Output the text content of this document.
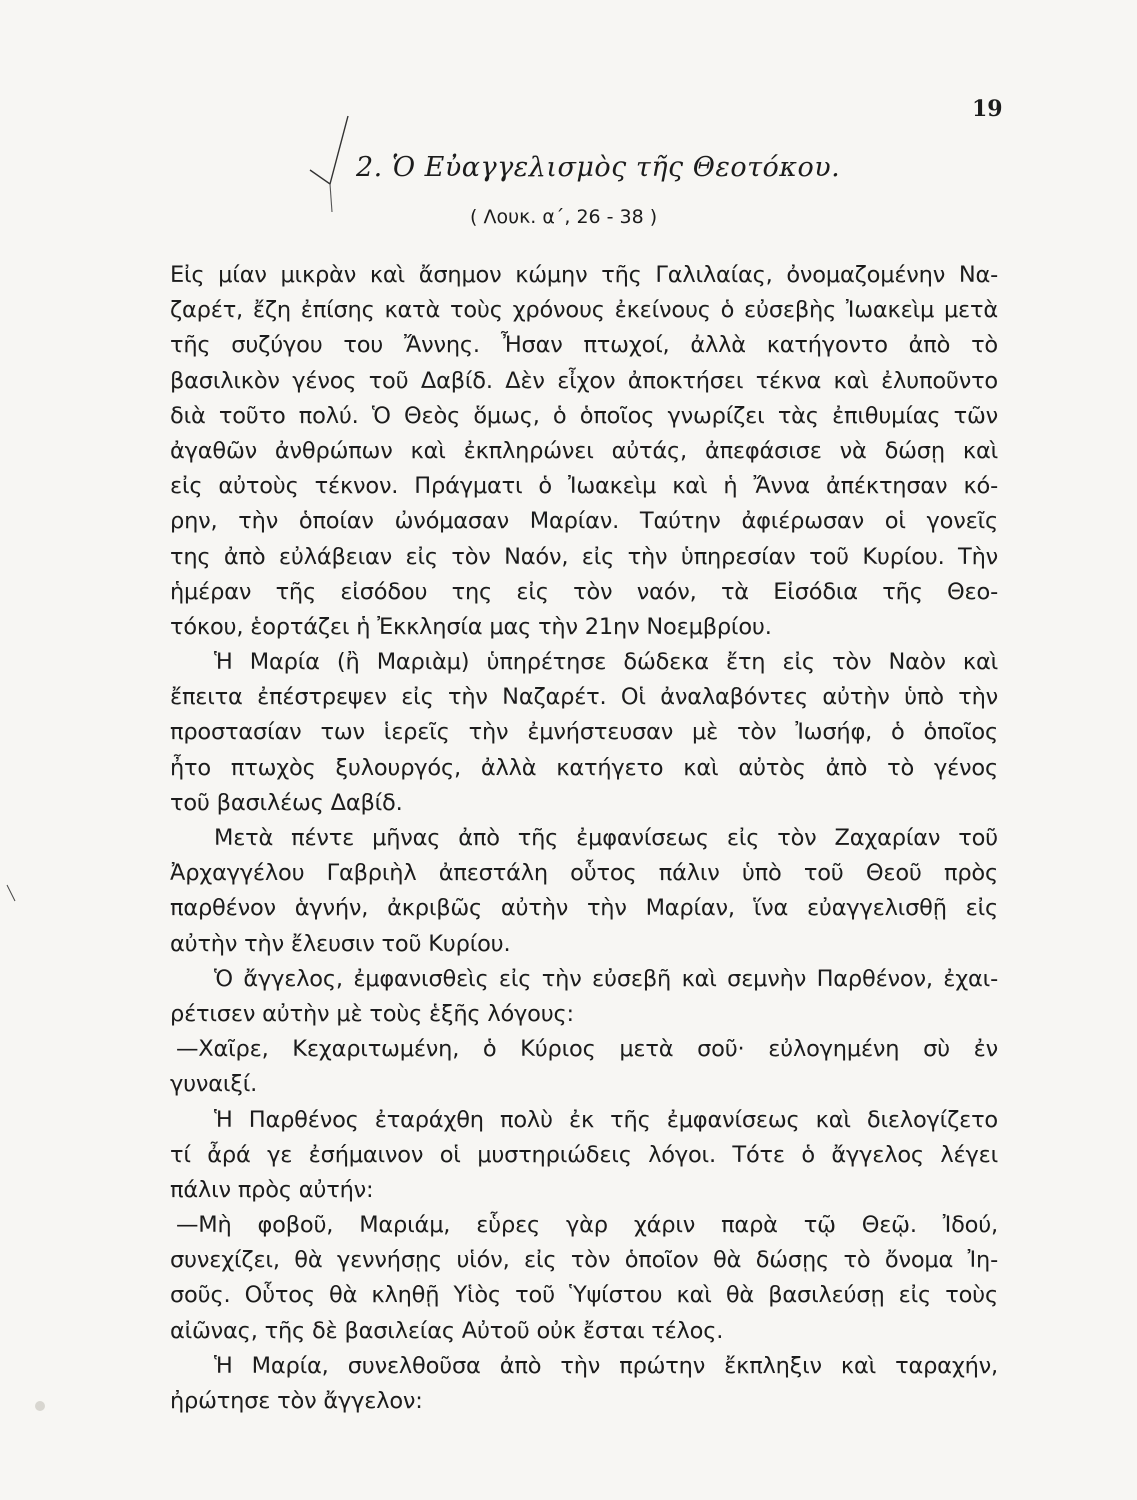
19
2. Ὁ Εὐαγγελισμὸς τῆς Θεοτόκου.
( Λουκ. α΄, 26 - 38 )
Εἰς μίαν μικρὰν καὶ ἄσημον κώμην τῆς Γαλιλαίας, ὀνομαζομένην Να-
ζαρέτ, ἔζη ἐπίσης κατὰ τοὺς χρόνους ἐκείνους ὁ εὐσεβὴς Ἰωακεὶμ μετὰ
τῆς συζύγου του Ἄννης. Ἦσαν πτωχοί, ἀλλὰ κατήγοντο ἀπὸ τὸ
βασιλικὸν γένος τοῦ Δαβίδ. Δὲν εἶχον ἀποκτήσει τέκνα καὶ ἐλυποῦντο
διὰ τοῦτο πολύ. Ὁ Θεὸς ὅμως, ὁ ὁποῖος γνωρίζει τὰς ἐπιθυμίας τῶν
ἀγαθῶν ἀνθρώπων καὶ ἐκπληρώνει αὐτάς, ἀπεφάσισε νὰ δώσῃ καὶ
εἰς αὐτοὺς τέκνον. Πράγματι ὁ Ἰωακεὶμ καὶ ἡ Ἄννα ἀπέκτησαν κό-
ρην, τὴν ὁποίαν ὠνόμασαν Μαρίαν. Ταύτην ἀφιέρωσαν οἱ γονεῖς
της ἀπὸ εὐλάβειαν εἰς τὸν Ναόν, εἰς τὴν ὑπηρεσίαν τοῦ Κυρίου. Τὴν
ἡμέραν τῆς εἰσόδου της εἰς τὸν ναόν, τὰ Εἰσόδια τῆς Θεο-
τόκου, ἑορτάζει ἡ Ἐκκλησία μας τὴν 21ην Νοεμβρίου.
Ἡ Μαρία (ἢ Μαριὰμ) ὑπηρέτησε δώδεκα ἔτη εἰς τὸν Ναὸν καὶ
ἔπειτα ἐπέστρεψεν εἰς τὴν Ναζαρέτ. Οἱ ἀναλαβόντες αὐτὴν ὑπὸ τὴν
προστασίαν των ἱερεῖς τὴν ἐμνήστευσαν μὲ τὸν Ἰωσήφ, ὁ ὁποῖος
ἦτο πτωχὸς ξυλουργός, ἀλλὰ κατήγετο καὶ αὐτὸς ἀπὸ τὸ γένος
τοῦ βασιλέως Δαβίδ.
Μετὰ πέντε μῆνας ἀπὸ τῆς ἐμφανίσεως εἰς τὸν Ζαχαρίαν τοῦ
Ἀρχαγγέλου Γαβριὴλ ἀπεστάλη οὗτος πάλιν ὑπὸ τοῦ Θεοῦ πρὸς
παρθένον ἁγνήν, ἀκριβῶς αὐτὴν τὴν Μαρίαν, ἵνα εὐαγγελισθῇ εἰς
αὐτὴν τὴν ἔλευσιν τοῦ Κυρίου.
Ὁ ἄγγελος, ἐμφανισθεὶς εἰς τὴν εὐσεβῆ καὶ σεμνὴν Παρθένον, ἐχαι-
ρέτισεν αὐτὴν μὲ τοὺς ἑξῆς λόγους:
—Χαῖρε, Κεχαριτωμένη, ὁ Κύριος μετὰ σοῦ· εὐλογημένη σὺ ἐν
γυναιξί.
Ἡ Παρθένος ἐταράχθη πολὺ ἐκ τῆς ἐμφανίσεως καὶ διελογίζετο
τί ἆρά γε ἐσήμαινον οἱ μυστηριώδεις λόγοι. Τότε ὁ ἄγγελος λέγει
πάλιν πρὸς αὐτήν:
—Μὴ φοβοῦ, Μαριάμ, εὗρες γὰρ χάριν παρὰ τῷ Θεῷ. Ἰδού,
συνεχίζει, θὰ γεννήσῃς υἱόν, εἰς τὸν ὁποῖον θὰ δώσῃς τὸ ὄνομα Ἰη-
σοῦς. Οὗτος θὰ κληθῇ Υἱὸς τοῦ Ὑψίστου καὶ θὰ βασιλεύσῃ εἰς τοὺς
αἰῶνας, τῆς δὲ βασιλείας Αὐτοῦ οὐκ ἔσται τέλος.
Ἡ Μαρία, συνελθοῦσα ἀπὸ τὴν πρώτην ἔκπληξιν καὶ ταραχήν,
ἠρώτησε τὸν ἄγγελον:
